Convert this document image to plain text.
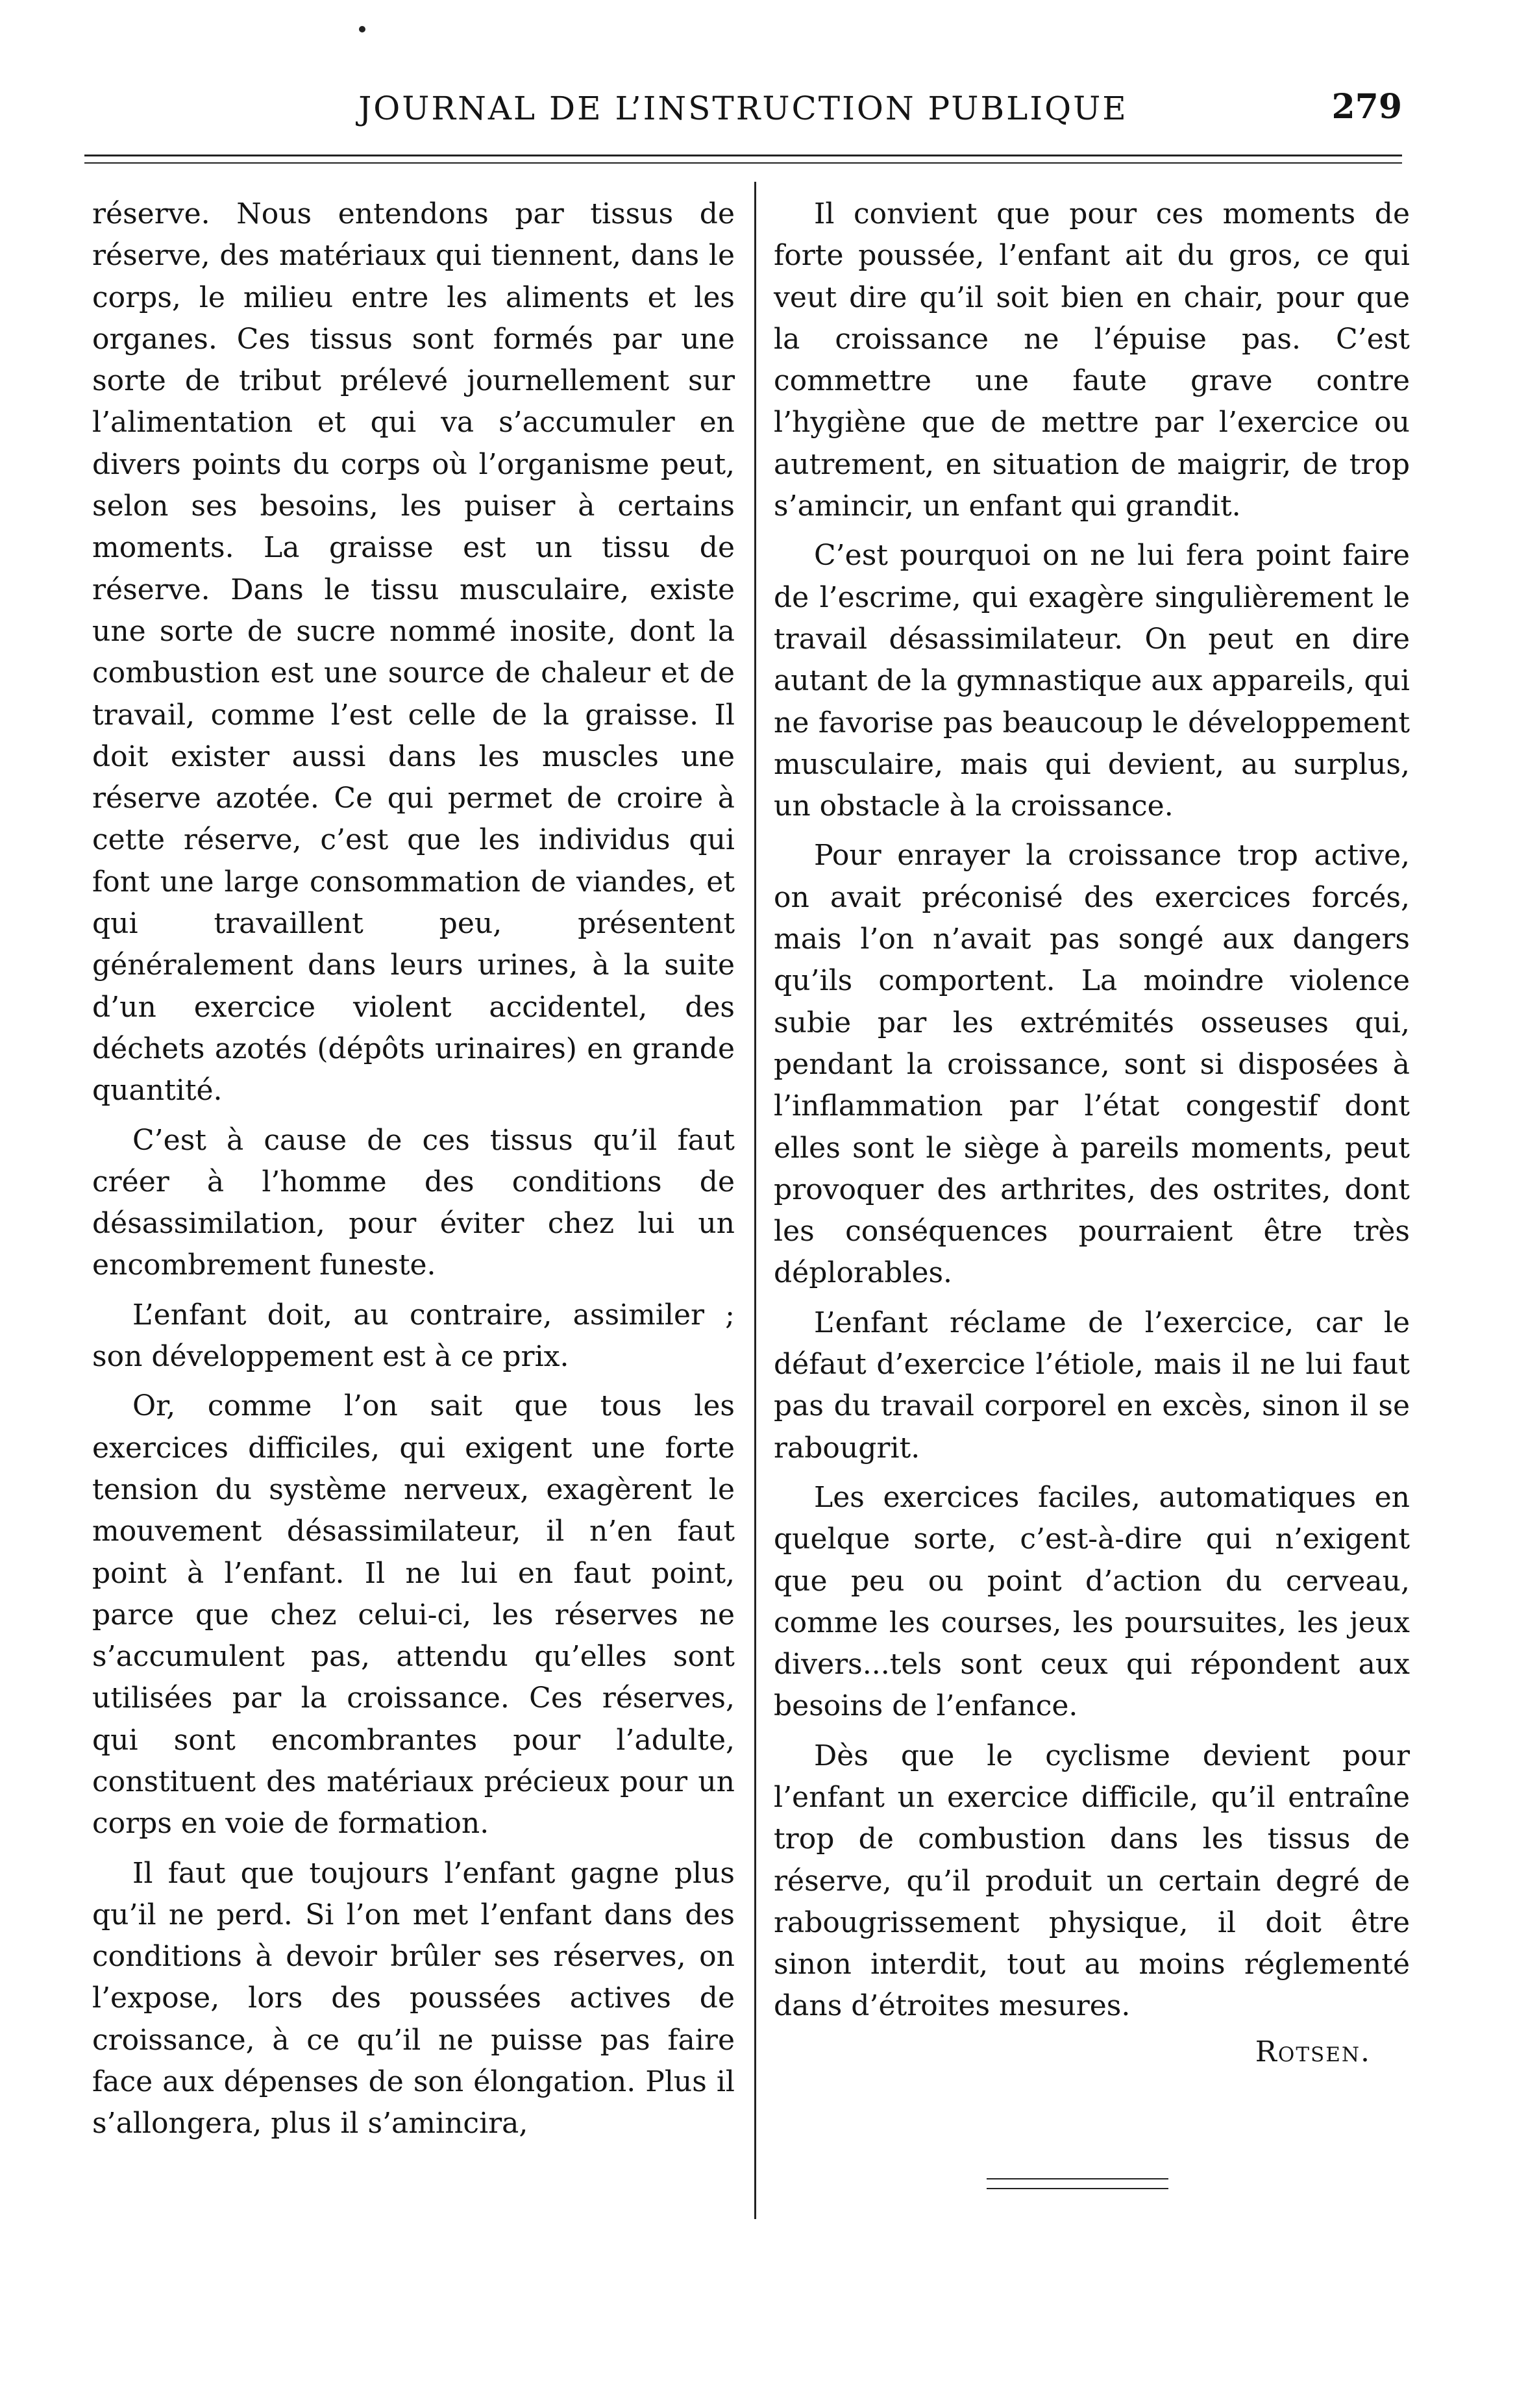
JOURNAL DE L’INSTRUCTION PUBLIQUE	279

réserve. Nous entendons par tissus de réserve, des matériaux qui tiennent, dans le corps, le milieu entre les aliments et les organes. Ces tissus sont formés par une sorte de tribut prélevé journellement sur l’alimentation et qui va s’accumuler en divers points du corps où l’organisme peut, selon ses besoins, les puiser à certains moments. La graisse est un tissu de réserve. Dans le tissu musculaire, existe une sorte de sucre nommé inosite, dont la combustion est une source de chaleur et de travail, comme l’est celle de la graisse. Il doit exister aussi dans les muscles une réserve azotée. Ce qui permet de croire à cette réserve, c’est que les individus qui font une large consommation de viandes, et qui travaillent peu, présentent généralement dans leurs urines, à la suite d’un exercice violent accidentel, des déchets azotés (dépôts urinaires) en grande quantité.

C’est à cause de ces tissus qu’il faut créer à l’homme des conditions de désassimilation, pour éviter chez lui un encombrement funeste.

L’enfant doit, au contraire, assimiler ; son développement est à ce prix.

Or, comme l’on sait que tous les exercices difficiles, qui exigent une forte tension du système nerveux, exagèrent le mouvement désassimilateur, il n’en faut point à l’enfant. Il ne lui en faut point, parce que chez celui-ci, les réserves ne s’accumulent pas, attendu qu’elles sont utilisées par la croissance. Ces réserves, qui sont encombrantes pour l’adulte, constituent des matériaux précieux pour un corps en voie de formation.

Il faut que toujours l’enfant gagne plus qu’il ne perd. Si l’on met l’enfant dans des conditions à devoir brûler ses réserves, on l’expose, lors des poussées actives de croissance, à ce qu’il ne puisse pas faire face aux dépenses de son élongation. Plus il s’allongera, plus il s’amincira,

Il convient que pour ces moments de forte poussée, l’enfant ait du gros, ce qui veut dire qu’il soit bien en chair, pour que la croissance ne l’épuise pas. C’est commettre une faute grave contre l’hygiène que de mettre par l’exercice ou autrement, en situation de maigrir, de trop s’amincir, un enfant qui grandit.

C’est pourquoi on ne lui fera point faire de l’escrime, qui exagère singulièrement le travail désassimilateur. On peut en dire autant de la gymnastique aux appareils, qui ne favorise pas beaucoup le développement musculaire, mais qui devient, au surplus, un obstacle à la croissance.

Pour enrayer la croissance trop active, on avait préconisé des exercices forcés, mais l’on n’avait pas songé aux dangers qu’ils comportent. La moindre violence subie par les extrémités osseuses qui, pendant la croissance, sont si disposées à l’inflammation par l’état congestif dont elles sont le siège à pareils moments, peut provoquer des arthrites, des ostrites, dont les conséquences pourraient être très déplorables.

L’enfant réclame de l’exercice, car le défaut d’exercice l’étiole, mais il ne lui faut pas du travail corporel en excès, sinon il se rabougrit.

Les exercices faciles, automatiques en quelque sorte, c’est-à-dire qui n’exigent que peu ou point d’action du cerveau, comme les courses, les poursuites, les jeux divers...tels sont ceux qui répondent aux besoins de l’enfance.

Dès que le cyclisme devient pour l’enfant un exercice difficile, qu’il entraîne trop de combustion dans les tissus de réserve, qu’il produit un certain degré de rabougrissement physique, il doit être sinon interdit, tout au moins réglementé dans d’étroites mesures.

Rotsen.
